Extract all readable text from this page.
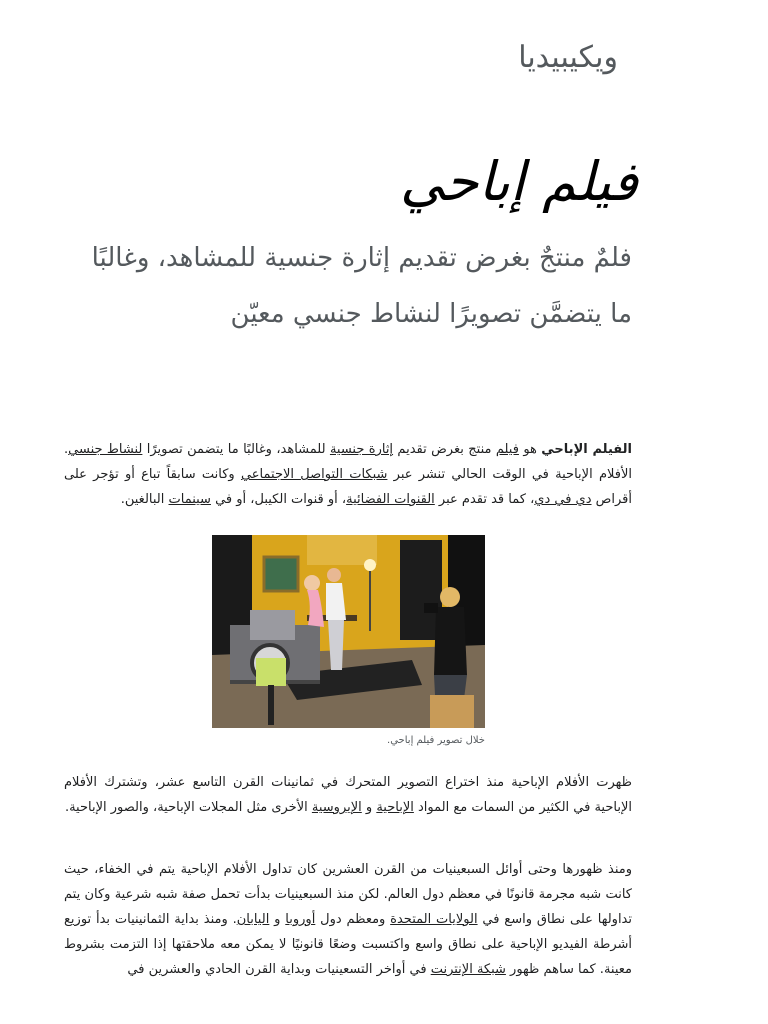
ويكيبيديا
فيلم إباحي

فلمٌ منتجٌ بغرض تقديم إثارة جنسية للمشاهد، وغالبًا ما يتضمَّن تصويرًا لنشاط جنسي معيّن

الفيلم الإباحي هو فيلم منتج بغرض تقديم إثارة جنسية للمشاهد، وغالبًا ما يتضمن تصويرًا لنشاط جنسي. الأفلام الإباحية في الوقت الحالي تنشر عبر شبكات التواصل الاجتماعي وكانت سابقاً تباع أو تؤجر على أقراص دي في دي، كما قد تقدم عبر القنوات الفضائية، أو قنوات الكيبل، أو في سينمات البالغين.

خلال تصوير فيلم إباحي.

ظهرت الأفلام الإباحية منذ اختراع التصوير المتحرك في ثمانينات القرن التاسع عشر، وتشترك الأفلام الإباحية في الكثير من السمات مع المواد الإباحية و الإيروسية الأخرى مثل المجلات الإباحية، والصور الإباحية.

ومنذ ظهورها وحتى أوائل السبعينيات من القرن العشرين كان تداول الأفلام الإباحية يتم في الخفاء، حيث كانت شبه مجرمة قانونًا في معظم دول العالم. لكن منذ السبعينيات بدأت تحمل صفة شبه شرعية وكان يتم تداولها على نطاق واسع في الولايات المتحدة ومعظم دول أوروبا و اليابان. ومنذ بداية الثمانينيات بدأ توزيع أشرطة الفيديو الإباحية على نطاق واسع واكتسبت وضعًا قانونيًا لا يمكن معه ملاحقتها إذا التزمت بشروط معينة. كما ساهم ظهور شبكة الإنترنت في أواخر التسعينيات وبداية القرن الحادي والعشرين في
